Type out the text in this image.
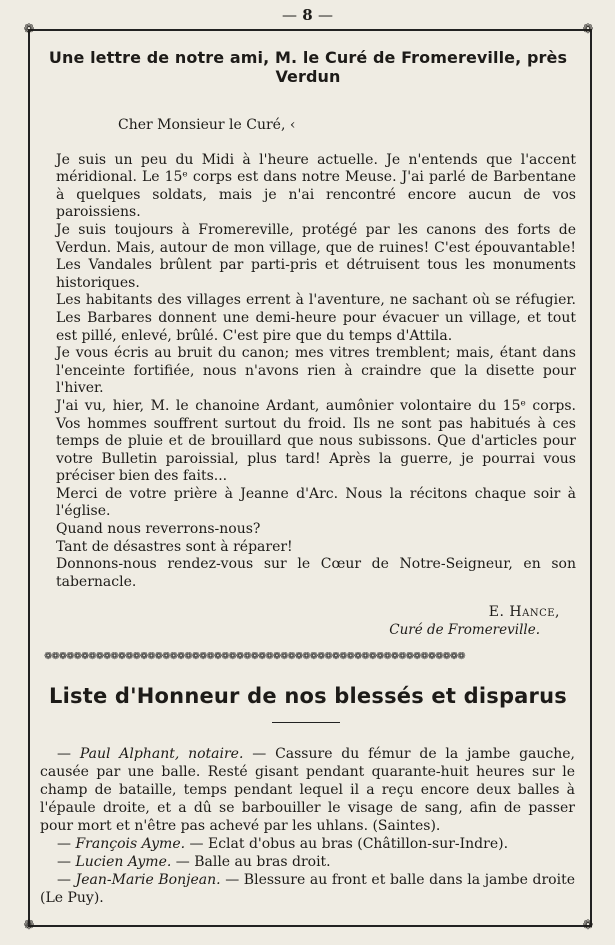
— 8 —
❁	❁
❁	❁
Une lettre de notre ami, M. le Curé de Fromereville, près Verdun

Cher Monsieur le Curé, ‹

Je suis un peu du Midi à l'heure actuelle. Je n'entends que l'accent méridional. Le 15ᵉ corps est dans notre Meuse. J'ai parlé de Barbentane à quelques soldats, mais je n'ai rencontré encore aucun de vos paroissiens.

Je suis toujours à Fromereville, protégé par les canons des forts de Verdun. Mais, autour de mon village, que de ruines! C'est épouvantable! Les Vandales brûlent par parti-pris et détruisent tous les monuments historiques.

Les habitants des villages errent à l'aventure, ne sachant où se réfugier. Les Barbares donnent une demi-heure pour évacuer un village, et tout est pillé, enlevé, brûlé. C'est pire que du temps d'Attila.

Je vous écris au bruit du canon; mes vitres tremblent; mais, étant dans l'enceinte fortifiée, nous n'avons rien à craindre que la disette pour l'hiver.

J'ai vu, hier, M. le chanoine Ardant, aumônier volontaire du 15ᵉ corps. Vos hommes souffrent surtout du froid. Ils ne sont pas habitués à ces temps de pluie et de brouillard que nous subissons. Que d'articles pour votre Bulletin paroissial, plus tard! Après la guerre, je pourrai vous préciser bien des faits...

Merci de votre prière à Jeanne d'Arc. Nous la récitons chaque soir à l'église.

Quand nous reverrons-nous?

Tant de désastres sont à réparer!

Donnons-nous rendez-vous sur le Cœur de Notre-Seigneur, en son tabernacle.

E. Hance,
Curé de Fromereville.
❁❁❁❁❁❁❁❁❁❁❁❁❁❁❁❁❁❁❁❁❁❁❁❁❁❁❁❁❁❁❁❁❁❁❁❁❁❁❁❁❁❁❁❁❁❁❁❁❁❁❁❁❁❁❁❁❁
Liste d'Honneur de nos blessés et disparus

— Paul Alphant, notaire. — Cassure du fémur de la jambe gauche, causée par une balle. Resté gisant pendant quarante-huit heures sur le champ de bataille, temps pendant lequel il a reçu encore deux balles à l'épaule droite, et a dû se barbouiller le visage de sang, afin de passer pour mort et n'être pas achevé par les uhlans. (Saintes).

— François Ayme. — Eclat d'obus au bras (Châtillon-sur-Indre).

— Lucien Ayme. — Balle au bras droit.

— Jean-Marie Bonjean. — Blessure au front et balle dans la jambe droite (Le Puy).
